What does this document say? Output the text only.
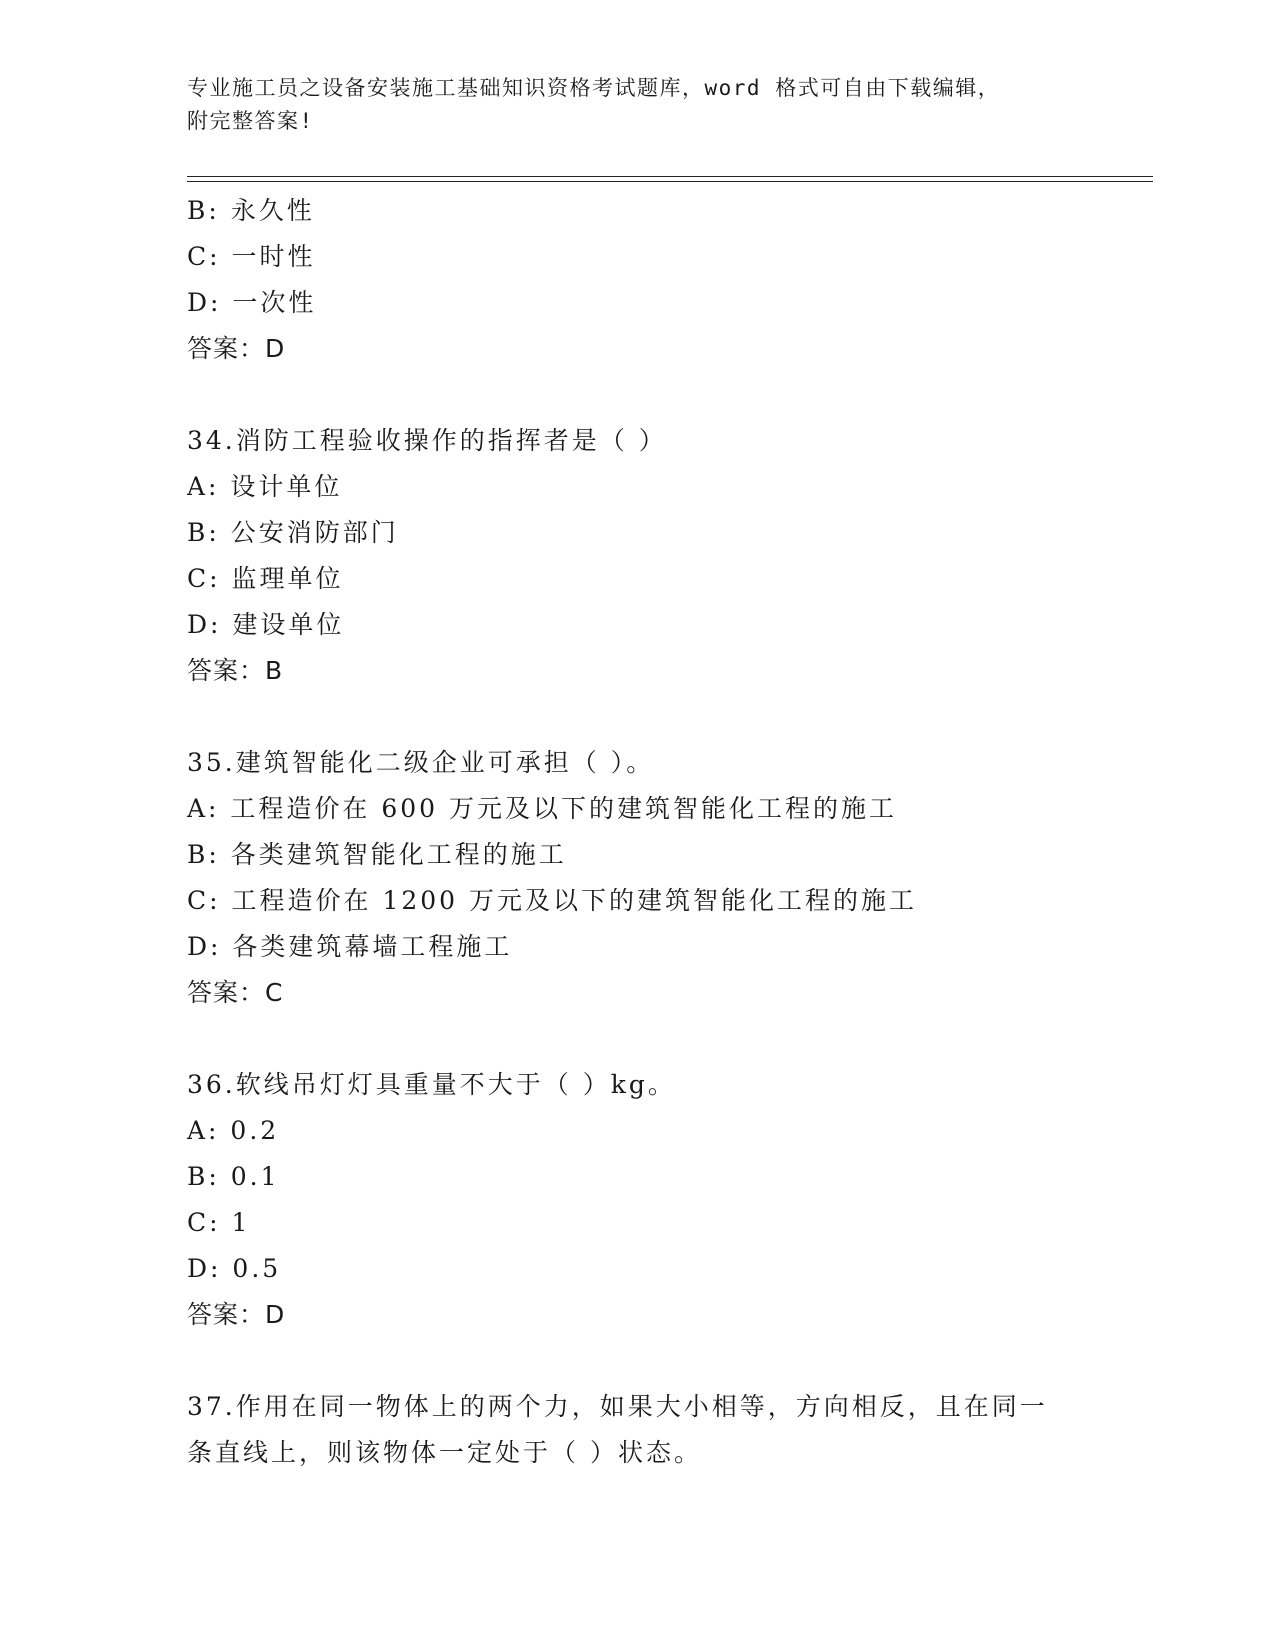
专业施工员之设备安装施工基础知识资格考试题库，word 格式可自由下载编辑，
附完整答案!
B: 永久性
C: 一时性
D: 一次性
答案：D
34.消防工程验收操作的指挥者是（ ）
A: 设计单位
B: 公安消防部门
C: 监理单位
D: 建设单位
答案：B
35.建筑智能化二级企业可承担（ ）。
A: 工程造价在 600 万元及以下的建筑智能化工程的施工
B: 各类建筑智能化工程的施工
C: 工程造价在 1200 万元及以下的建筑智能化工程的施工
D: 各类建筑幕墙工程施工
答案：C
36.软线吊灯灯具重量不大于（ ）kg。
A: 0.2
B: 0.1
C: 1
D: 0.5
答案：D
37.作用在同一物体上的两个力，如果大小相等，方向相反，且在同一
条直线上，则该物体一定处于（ ）状态。
